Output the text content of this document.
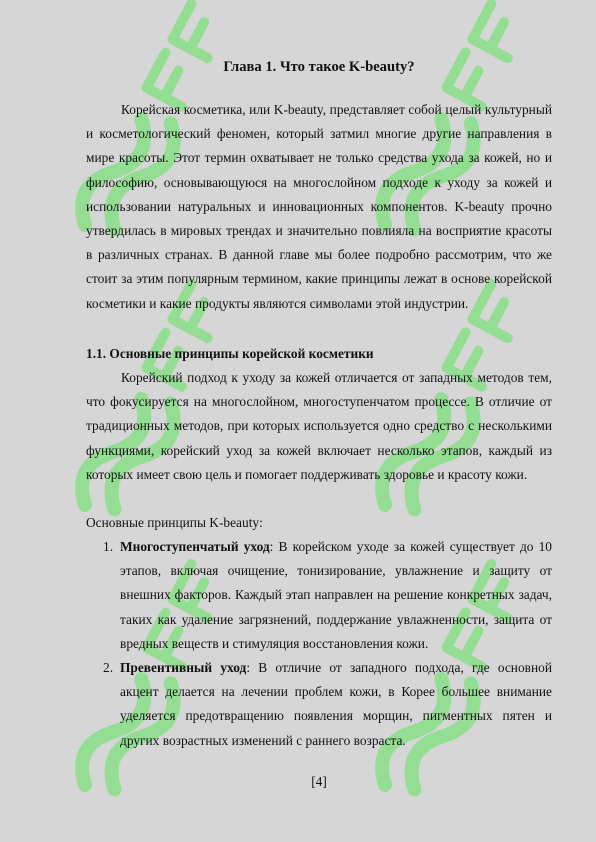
Глава 1. Что такое K-beauty?

Корейская косметика, или K-beauty, представляет собой целый культурный и косметологический феномен, который затмил многие другие направления в мире красоты. Этот термин охватывает не только средства ухода за кожей, но и философию, основывающуюся на многослойном подходе к уходу за кожей и использовании натуральных и инновационных компонентов. K-beauty прочно утвердилась в мировых трендах и значительно повлияла на восприятие красоты в различных странах. В данной главе мы более подробно рассмотрим, что же стоит за этим популярным термином, какие принципы лежат в основе корейской косметики и какие продукты являются символами этой индустрии.

1.1. Основные принципы корейской косметики

Корейский подход к уходу за кожей отличается от западных методов тем, что фокусируется на многослойном, многоступенчатом процессе. В отличие от традиционных методов, при которых используется одно средство с несколькими функциями, корейский уход за кожей включает несколько этапов, каждый из которых имеет свою цель и помогает поддерживать здоровье и красоту кожи.

Основные принципы K-beauty:

1. Многоступенчатый уход: В корейском уходе за кожей существует до 10 этапов, включая очищение, тонизирование, увлажнение и защиту от внешних факторов. Каждый этап направлен на решение конкретных задач, таких как удаление загрязнений, поддержание увлажненности, защита от вредных веществ и стимуляция восстановления кожи.
2. Превентивный уход: В отличие от западного подхода, где основной акцент делается на лечении проблем кожи, в Корее большее внимание уделяется предотвращению появления морщин, пигментных пятен и других возрастных изменений с раннего возраста.
[4]
